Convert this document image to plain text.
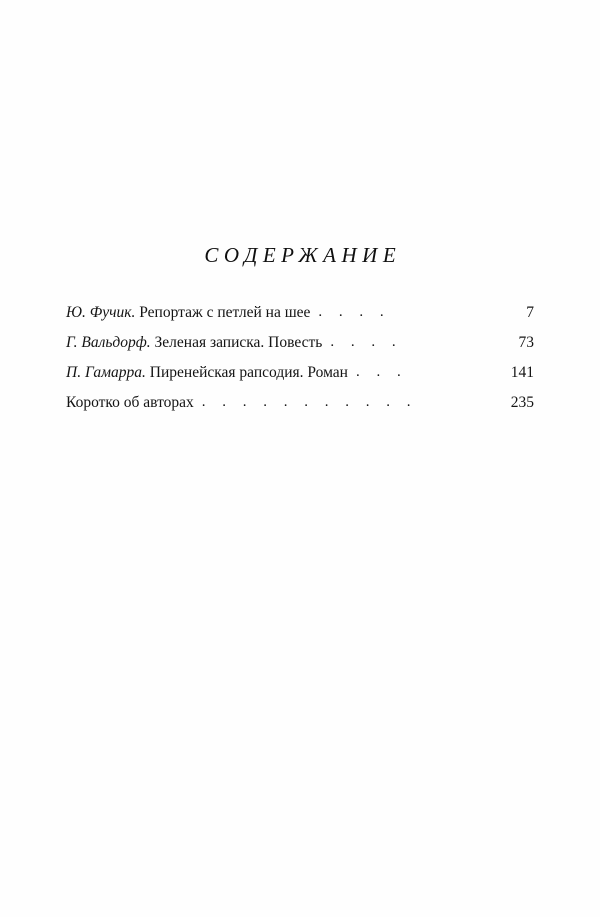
СОДЕРЖАНИЕ
Ю. Фучик. Репортаж с петлей на шее . . . .	7
Г. Вальдорф. Зеленая записка. Повесть . . . .	73
П. Гамарра. Пиренейская рапсодия. Роман . . .	141
Коротко об авторах . . . . . . . . . . .	235
